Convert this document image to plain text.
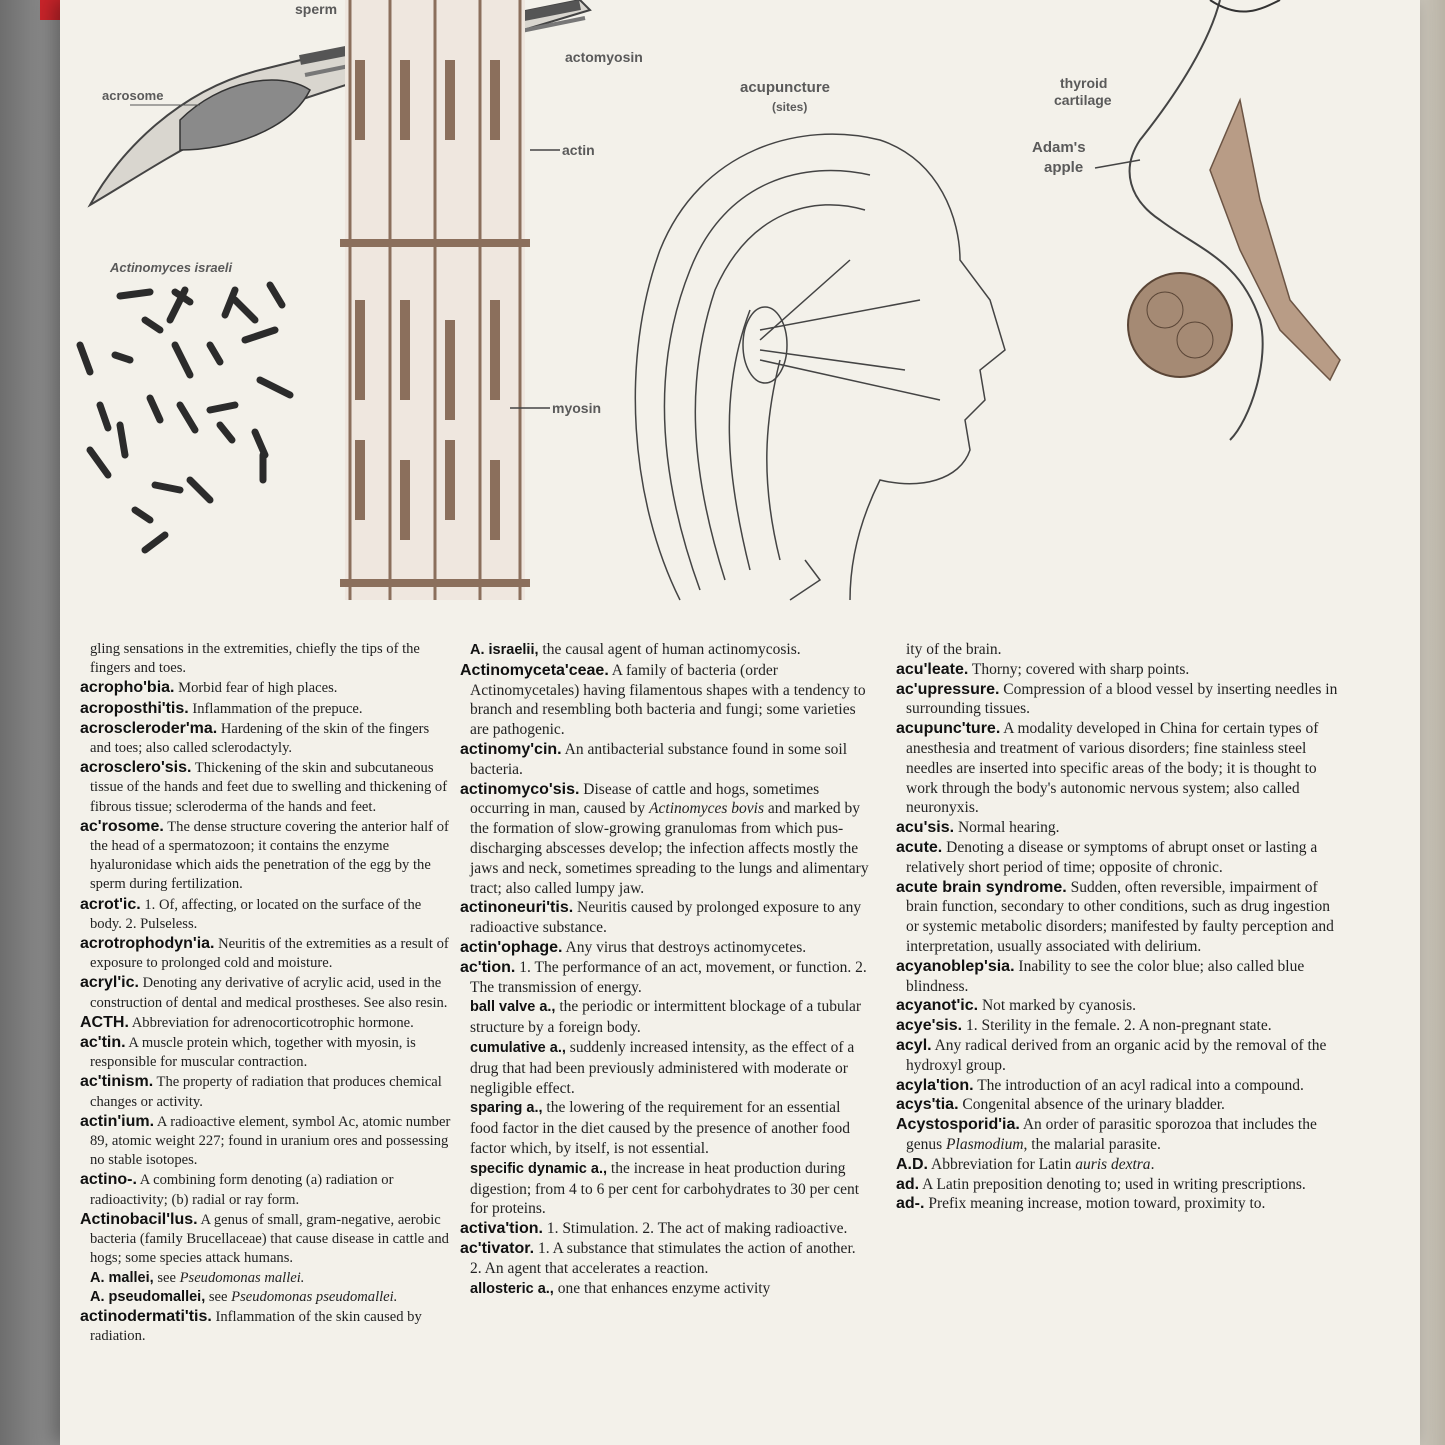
sperm
acrosome
Actinomyces israeli
actomyosin
actin
myosin
acupuncture
(sites)
thyroid
cartilage
Adam's
apple

gling sensations in the extremities, chiefly the tips of the fingers and toes.

acropho'bia. Morbid fear of high places.

acroposthi'tis. Inflammation of the prepuce.

acroscleroder'ma. Hardening of the skin of the fingers and toes; also called sclerodactyly.

acrosclero'sis. Thickening of the skin and subcutaneous tissue of the hands and feet due to swelling and thickening of fibrous tissue; scleroderma of the hands and feet.

ac'rosome. The dense structure covering the anterior half of the head of a spermatozoon; it contains the enzyme hyaluronidase which aids the penetration of the egg by the sperm during fertilization.

acrot'ic. 1. Of, affecting, or located on the surface of the body. 2. Pulseless.

acrotrophodyn'ia. Neuritis of the extremities as a result of exposure to prolonged cold and moisture.

acryl'ic. Denoting any derivative of acrylic acid, used in the construction of dental and medical prostheses. See also resin.

ACTH. Abbreviation for adrenocorticotrophic hormone.

ac'tin. A muscle protein which, together with myosin, is responsible for muscular contraction.

ac'tinism. The property of radiation that produces chemical changes or activity.

actin'ium. A radioactive element, symbol Ac, atomic number 89, atomic weight 227; found in uranium ores and possessing no stable isotopes.

actino-. A combining form denoting (a) radiation or radioactivity; (b) radial or ray form.

Actinobacil'lus. A genus of small, gram-negative, aerobic bacteria (family Brucellaceae) that cause disease in cattle and hogs; some species attack humans.

A. mallei, see Pseudomonas mallei.

A. pseudomallei, see Pseudomonas pseudomallei.

actinodermati'tis. Inflammation of the skin caused by radiation.

A. israelii, the causal agent of human actinomycosis.

Actinomyceta'ceae. A family of bacteria (order Actinomycetales) having filamentous shapes with a tendency to branch and resembling both bacteria and fungi; some varieties are pathogenic.

actinomy'cin. An antibacterial substance found in some soil bacteria.

actinomyco'sis. Disease of cattle and hogs, sometimes occurring in man, caused by Actinomyces bovis and marked by the formation of slow-growing granulomas from which pus-discharging abscesses develop; the infection affects mostly the jaws and neck, sometimes spreading to the lungs and alimentary tract; also called lumpy jaw.

actinoneuri'tis. Neuritis caused by prolonged exposure to any radioactive substance.

actin'ophage. Any virus that destroys actinomycetes.

ac'tion. 1. The performance of an act, movement, or function. 2. The transmission of energy.

ball valve a., the periodic or intermittent blockage of a tubular structure by a foreign body.

cumulative a., suddenly increased intensity, as the effect of a drug that had been previously administered with moderate or negligible effect.

sparing a., the lowering of the requirement for an essential food factor in the diet caused by the presence of another food factor which, by itself, is not essential.

specific dynamic a., the increase in heat production during digestion; from 4 to 6 per cent for carbohydrates to 30 per cent for proteins.

activa'tion. 1. Stimulation. 2. The act of making radioactive.

ac'tivator. 1. A substance that stimulates the action of another. 2. An agent that accelerates a reaction.

allosteric a., one that enhances enzyme activity

ity of the brain.

acu'leate. Thorny; covered with sharp points.

ac'upressure. Compression of a blood vessel by inserting needles in surrounding tissues.

acupunc'ture. A modality developed in China for certain types of anesthesia and treatment of various disorders; fine stainless steel needles are inserted into specific areas of the body; it is thought to work through the body's autonomic nervous system; also called neuronyxis.

acu'sis. Normal hearing.

acute. Denoting a disease or symptoms of abrupt onset or lasting a relatively short period of time; opposite of chronic.

acute brain syndrome. Sudden, often reversible, impairment of brain function, secondary to other conditions, such as drug ingestion or systemic metabolic disorders; manifested by faulty perception and interpretation, usually associated with delirium.

acyanoblep'sia. Inability to see the color blue; also called blue blindness.

acyanot'ic. Not marked by cyanosis.

acye'sis. 1. Sterility in the female. 2. A non-pregnant state.

acyl. Any radical derived from an organic acid by the removal of the hydroxyl group.

acyla'tion. The introduction of an acyl radical into a compound.

acys'tia. Congenital absence of the urinary bladder.

Acystosporid'ia. An order of parasitic sporozoa that includes the genus Plasmodium, the malarial parasite.

A.D. Abbreviation for Latin auris dextra.

ad. A Latin preposition denoting to; used in writing prescriptions.

ad-. Prefix meaning increase, motion toward, proximity to.
